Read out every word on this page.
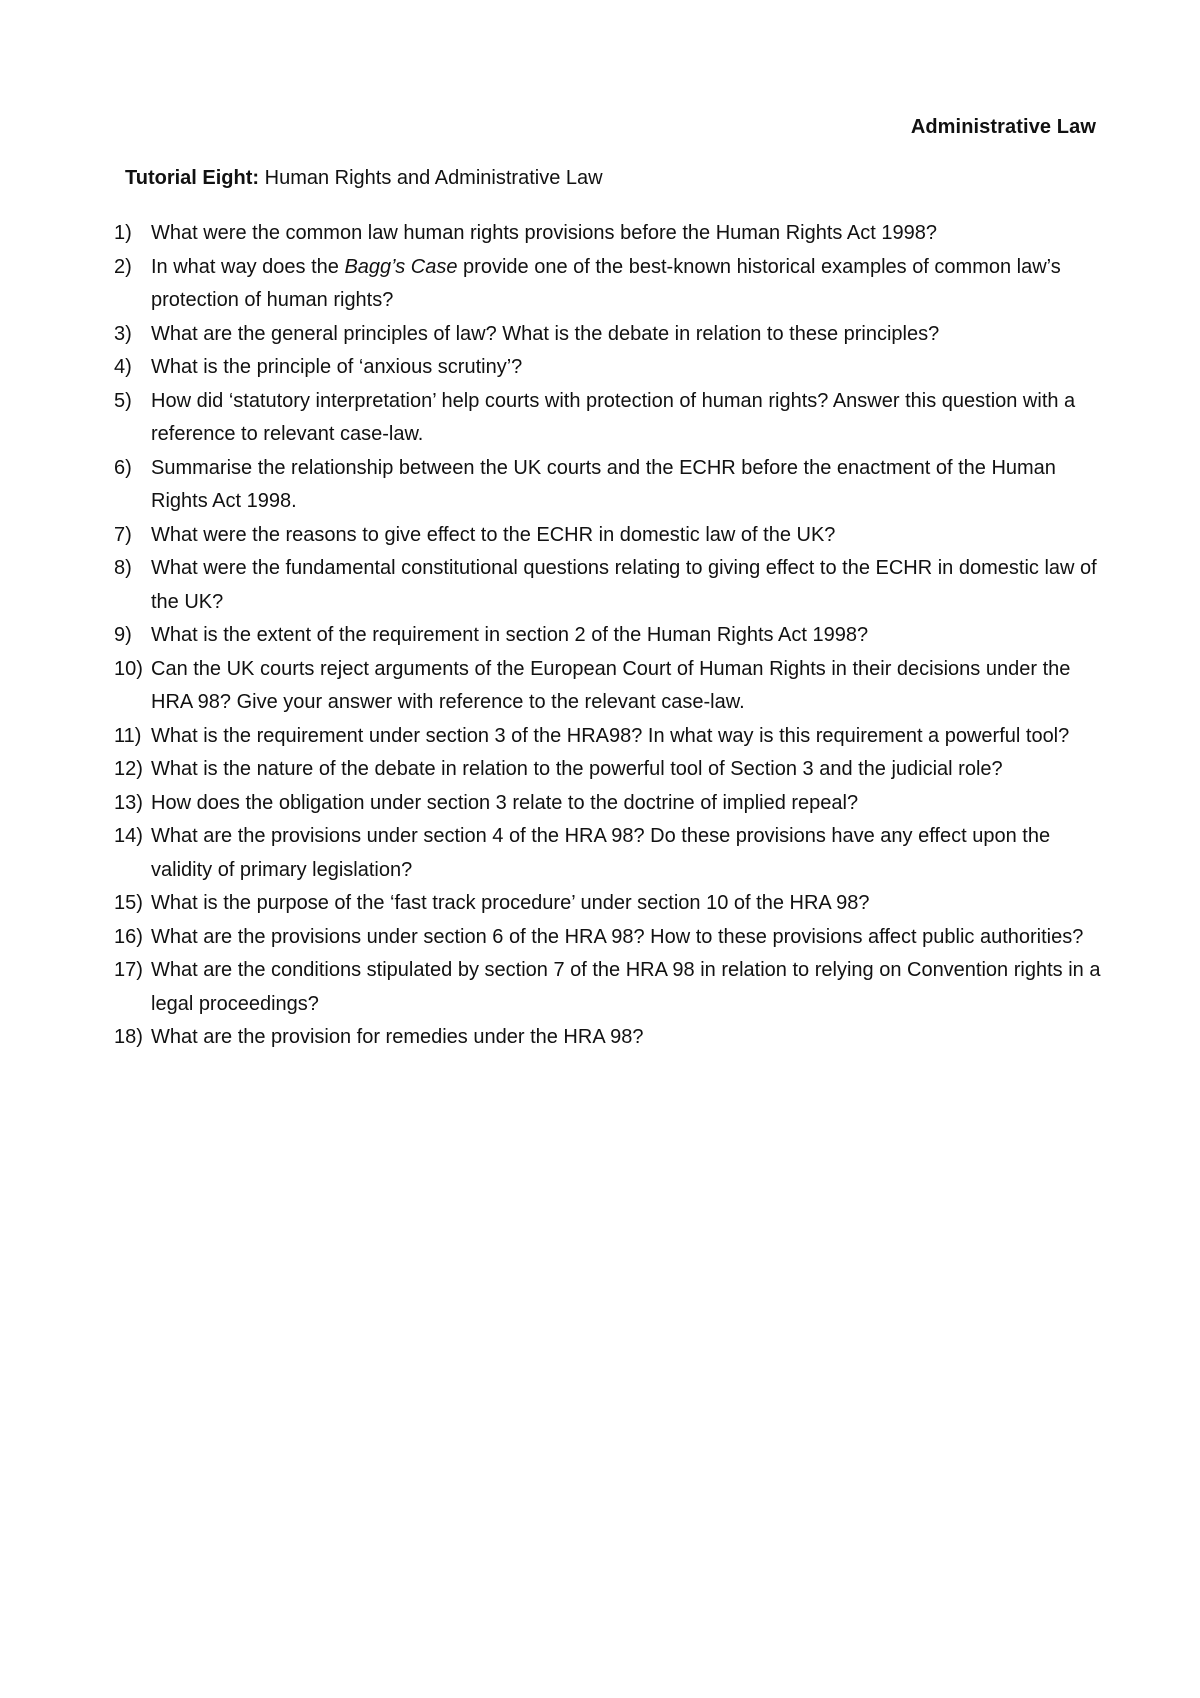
Administrative Law
Tutorial Eight: Human Rights and Administrative Law
1) What were the common law human rights provisions before the Human Rights Act 1998?
2) In what way does the Bagg’s Case provide one of the best-known historical examples of common law’s protection of human rights?
3) What are the general principles of law? What is the debate in relation to these principles?
4) What is the principle of ‘anxious scrutiny’?
5) How did ‘statutory interpretation’ help courts with protection of human rights? Answer this question with a reference to relevant case-law.
6) Summarise the relationship between the UK courts and the ECHR before the enactment of the Human Rights Act 1998.
7) What were the reasons to give effect to the ECHR in domestic law of the UK?
8) What were the fundamental constitutional questions relating to giving effect to the ECHR in domestic law of the UK?
9) What is the extent of the requirement in section 2 of the Human Rights Act 1998?
10) Can the UK courts reject arguments of the European Court of Human Rights in their decisions under the HRA 98? Give your answer with reference to the relevant case-law.
11) What is the requirement under section 3 of the HRA98? In what way is this requirement a powerful tool?
12) What is the nature of the debate in relation to the powerful tool of Section 3 and the judicial role?
13) How does the obligation under section 3 relate to the doctrine of implied repeal?
14) What are the provisions under section 4 of the HRA 98? Do these provisions have any effect upon the validity of primary legislation?
15) What is the purpose of the ‘fast track procedure’ under section 10 of the HRA 98?
16) What are the provisions under section 6 of the HRA 98? How to these provisions affect public authorities?
17) What are the conditions stipulated by section 7 of the HRA 98 in relation to relying on Convention rights in a legal proceedings?
18) What are the provision for remedies under the HRA 98?
